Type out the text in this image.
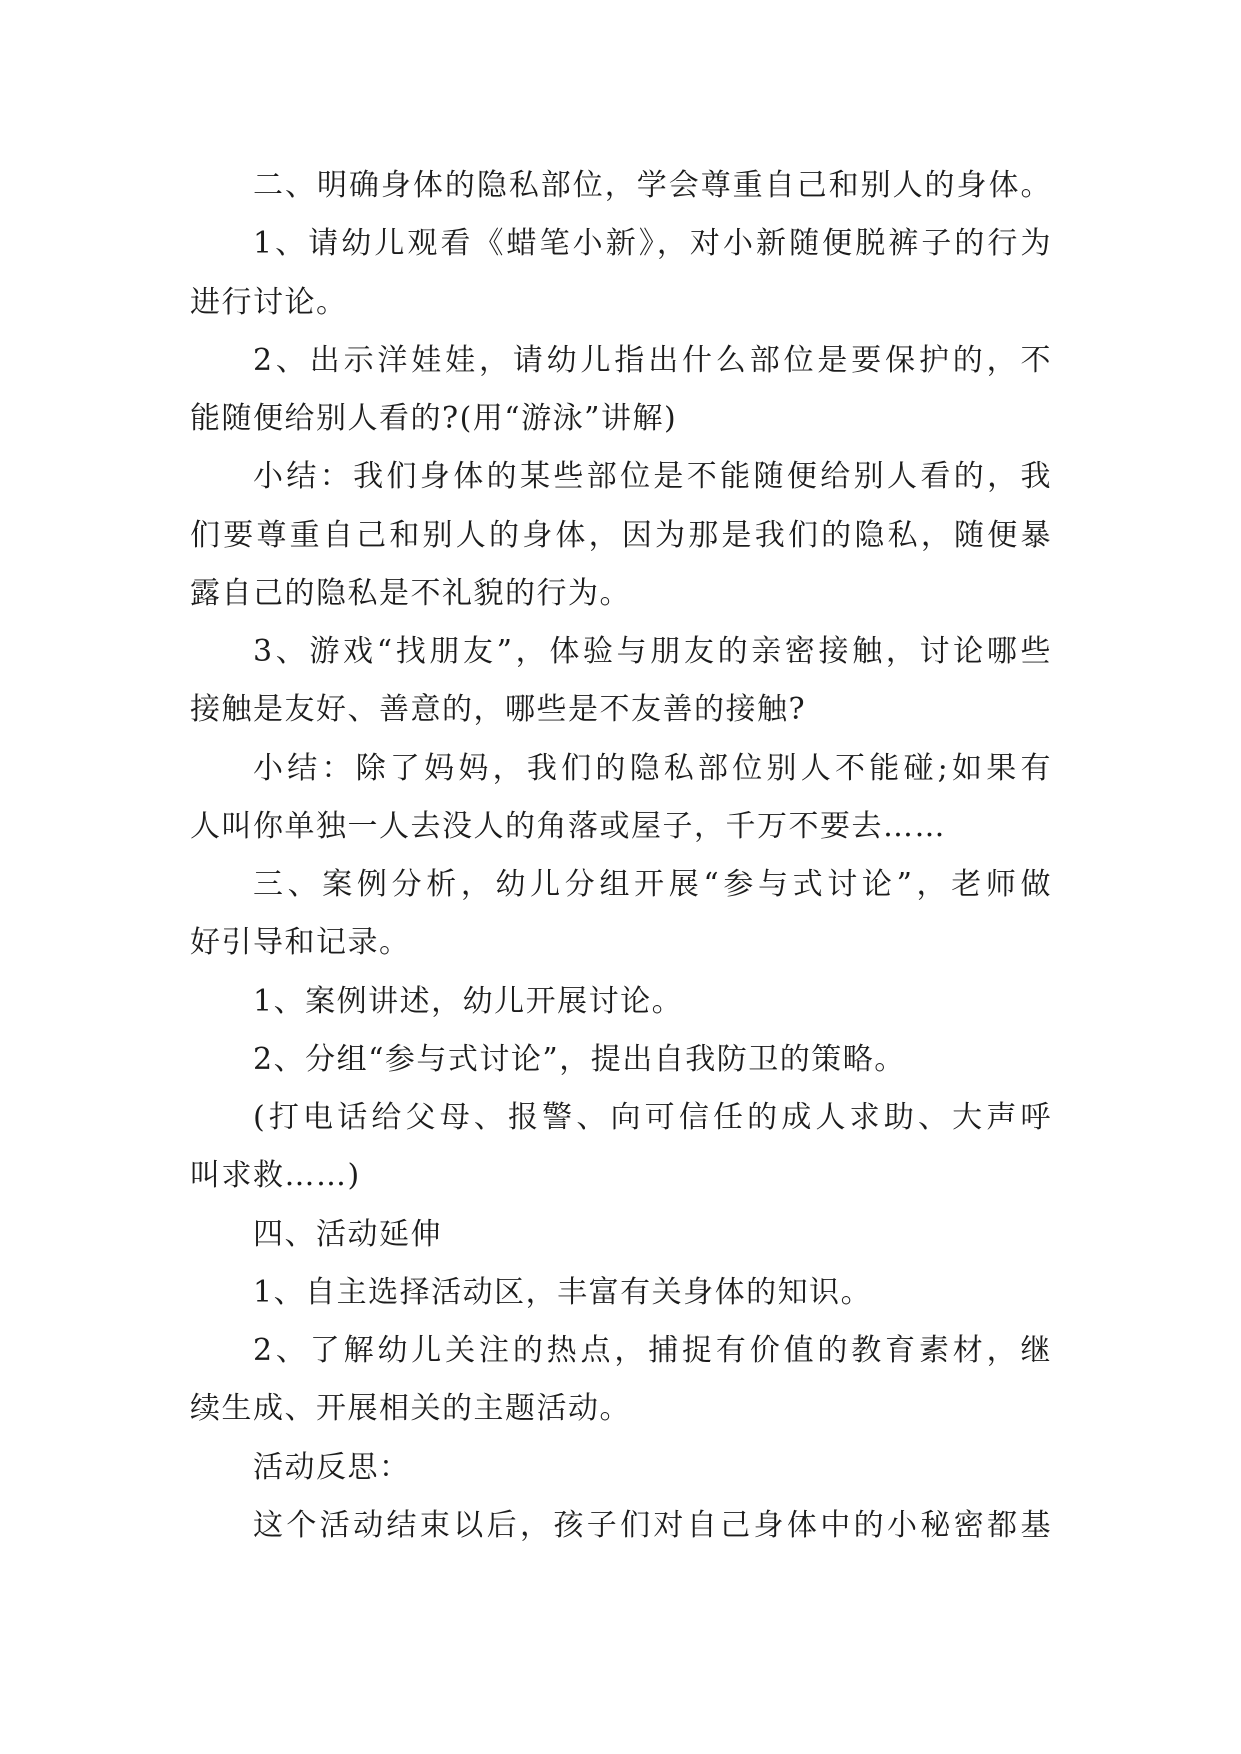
二、明确身体的隐私部位，学会尊重自己和别人的身体。
1、请幼儿观看《蜡笔小新》，对小新随便脱裤子的行为
进行讨论。
2、出示洋娃娃，请幼儿指出什么部位是要保护的，不
能随便给别人看的?(用“游泳”讲解)
小结：我们身体的某些部位是不能随便给别人看的，我
们要尊重自己和别人的身体，因为那是我们的隐私，随便暴
露自己的隐私是不礼貌的行为。
3、游戏“找朋友”，体验与朋友的亲密接触，讨论哪些
接触是友好、善意的，哪些是不友善的接触?
小结：除了妈妈，我们的隐私部位别人不能碰;如果有
人叫你单独一人去没人的角落或屋子，千万不要去……
三、案例分析，幼儿分组开展“参与式讨论”，老师做
好引导和记录。
1、案例讲述，幼儿开展讨论。
2、分组“参与式讨论”，提出自我防卫的策略。
(打电话给父母、报警、向可信任的成人求助、大声呼
叫求救……)
四、活动延伸
1、自主选择活动区，丰富有关身体的知识。
2、了解幼儿关注的热点，捕捉有价值的教育素材，继
续生成、开展相关的主题活动。
活动反思：
这个活动结束以后，孩子们对自己身体中的小秘密都基
